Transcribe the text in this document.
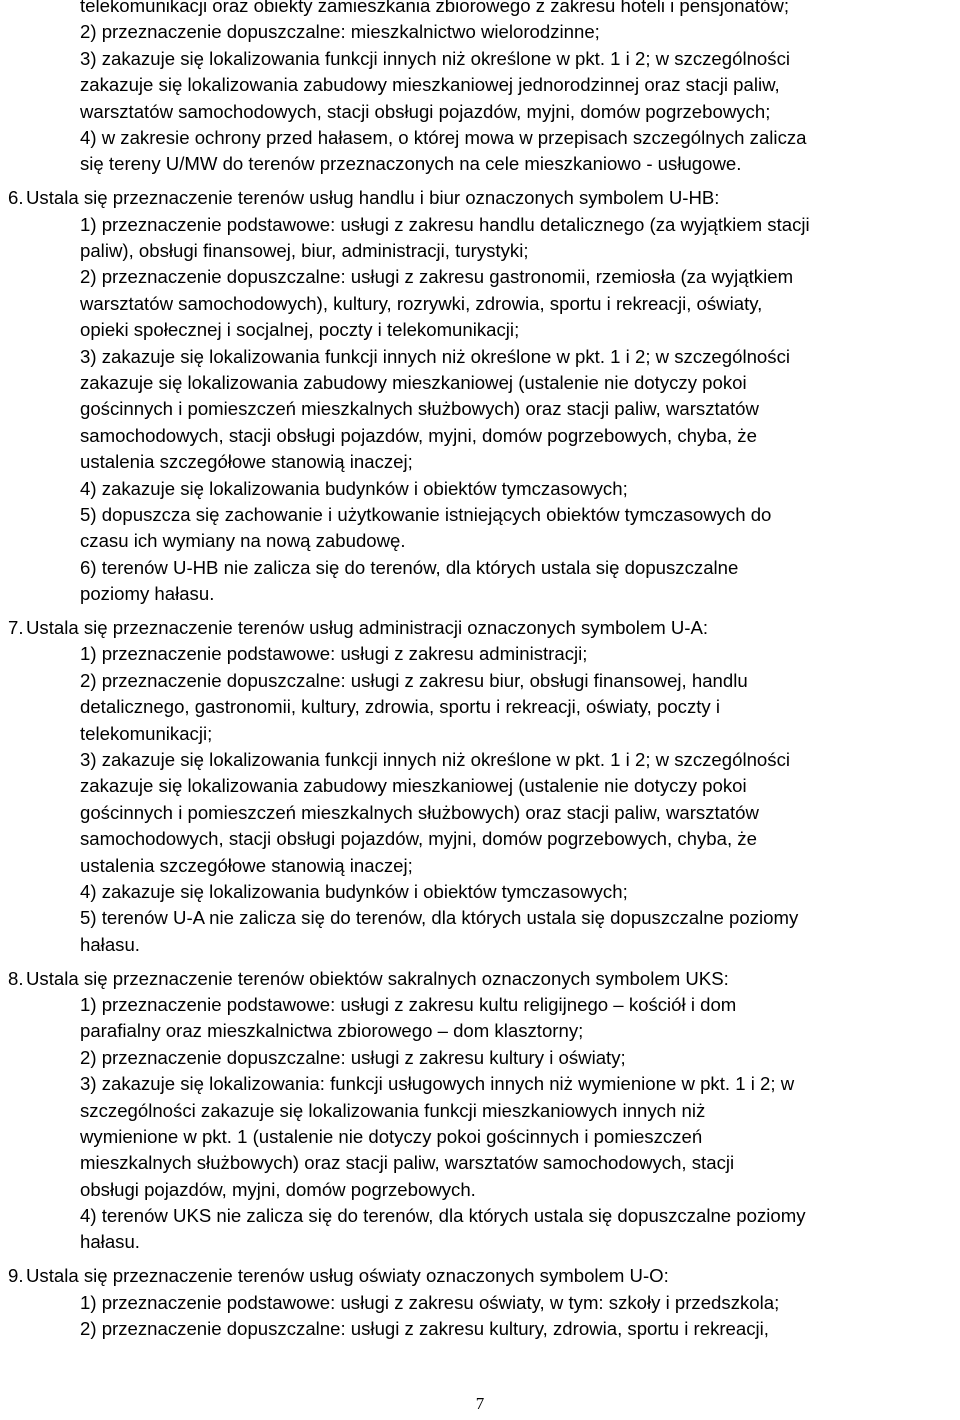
telekomunikacji oraz obiekty zamieszkania zbiorowego z zakresu hoteli i pensjonatów;
2) przeznaczenie dopuszczalne: mieszkalnictwo wielorodzinne;
3) zakazuje się lokalizowania funkcji innych niż określone w pkt. 1 i 2; w szczególności
zakazuje się lokalizowania zabudowy mieszkaniowej jednorodzinnej oraz stacji paliw,
warsztatów samochodowych, stacji obsługi pojazdów, myjni, domów pogrzebowych;
4) w zakresie ochrony przed hałasem, o której mowa w przepisach szczególnych zalicza
się tereny U/MW do terenów przeznaczonych na cele mieszkaniowo - usługowe.
6. Ustala się przeznaczenie terenów usług handlu i biur oznaczonych symbolem U-HB:
1) przeznaczenie podstawowe: usługi z zakresu handlu detalicznego (za wyjątkiem stacji
paliw), obsługi finansowej, biur, administracji, turystyki;
2) przeznaczenie dopuszczalne: usługi z zakresu gastronomii, rzemiosła (za wyjątkiem
warsztatów samochodowych), kultury, rozrywki, zdrowia, sportu i rekreacji, oświaty,
opieki społecznej i socjalnej, poczty i telekomunikacji;
3) zakazuje się lokalizowania funkcji innych niż określone w pkt. 1 i 2; w szczególności
zakazuje się lokalizowania zabudowy mieszkaniowej (ustalenie nie dotyczy pokoi
gościnnych i pomieszczeń mieszkalnych służbowych) oraz stacji paliw, warsztatów
samochodowych, stacji obsługi pojazdów, myjni, domów pogrzebowych, chyba, że
ustalenia szczegółowe stanowią inaczej;
4) zakazuje się lokalizowania budynków i obiektów tymczasowych;
5) dopuszcza się zachowanie i użytkowanie istniejących obiektów tymczasowych do
czasu ich wymiany na nową zabudowę.
6) terenów U-HB nie zalicza się do terenów, dla których ustala się dopuszczalne
poziomy hałasu.
7. Ustala się przeznaczenie terenów usług administracji oznaczonych symbolem U-A:
1) przeznaczenie podstawowe: usługi z zakresu administracji;
2) przeznaczenie dopuszczalne: usługi z zakresu biur, obsługi finansowej, handlu
detalicznego, gastronomii, kultury, zdrowia, sportu i rekreacji, oświaty, poczty i
telekomunikacji;
3) zakazuje się lokalizowania funkcji innych niż określone w pkt. 1 i 2; w szczególności
zakazuje się lokalizowania zabudowy mieszkaniowej (ustalenie nie dotyczy pokoi
gościnnych i pomieszczeń mieszkalnych służbowych) oraz stacji paliw, warsztatów
samochodowych, stacji obsługi pojazdów, myjni, domów pogrzebowych, chyba, że
ustalenia szczegółowe stanowią inaczej;
4) zakazuje się lokalizowania budynków i obiektów tymczasowych;
5) terenów U-A nie zalicza się do terenów, dla których ustala się dopuszczalne poziomy
hałasu.
8. Ustala się przeznaczenie terenów obiektów sakralnych oznaczonych symbolem UKS:
1) przeznaczenie podstawowe: usługi z zakresu kultu religijnego – kościół i dom
parafialny oraz mieszkalnictwa zbiorowego – dom klasztorny;
2) przeznaczenie dopuszczalne: usługi z zakresu kultury i oświaty;
3) zakazuje się lokalizowania: funkcji usługowych innych niż wymienione w pkt. 1 i 2; w
szczególności zakazuje się lokalizowania funkcji mieszkaniowych innych niż
wymienione w pkt. 1 (ustalenie nie dotyczy pokoi gościnnych i pomieszczeń
mieszkalnych służbowych) oraz stacji paliw, warsztatów samochodowych, stacji
obsługi pojazdów, myjni, domów pogrzebowych.
4) terenów UKS nie zalicza się do terenów, dla których ustala się dopuszczalne poziomy
hałasu.
9. Ustala się przeznaczenie terenów usług oświaty oznaczonych symbolem U-O:
1) przeznaczenie podstawowe: usługi z zakresu oświaty, w tym: szkoły i przedszkola;
2) przeznaczenie dopuszczalne: usługi z zakresu kultury, zdrowia, sportu i rekreacji,
7
